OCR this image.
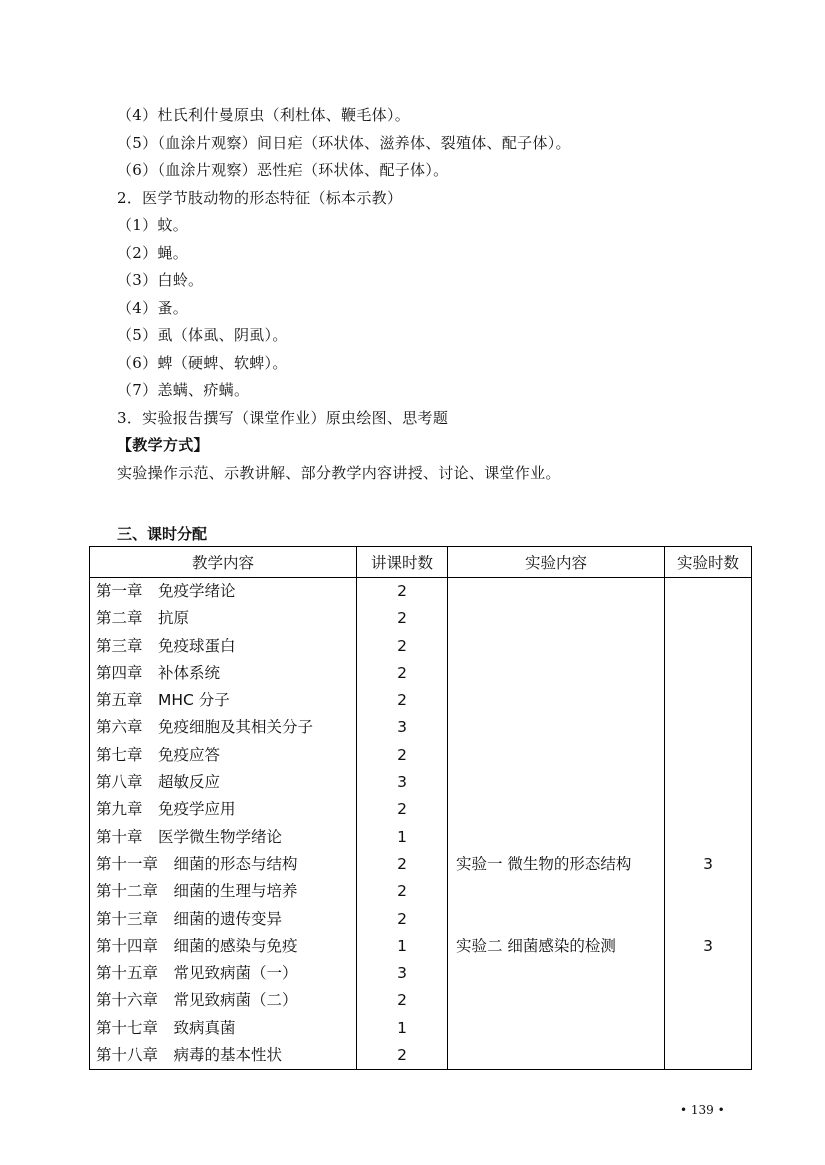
（4）杜氏利什曼原虫（利杜体、鞭毛体）。
（5）（血涂片观察）间日疟（环状体、滋养体、裂殖体、配子体）。
（6）（血涂片观察）恶性疟（环状体、配子体）。
2．医学节肢动物的形态特征（标本示教）
（1）蚊。
（2）蝇。
（3）白蛉。
（4）蚤。
（5）虱（体虱、阴虱）。
（6）蜱（硬蜱、软蜱）。
（7）恙螨、疥螨。
3．实验报告撰写（课堂作业）原虫绘图、思考题
【教学方式】
实验操作示范、示教讲解、部分教学内容讲授、讨论、课堂作业。
三、课时分配
教学内容	讲课时数	实验内容	实验时数
第一章　免疫学绪论	2		
第二章　抗原	2		
第三章　免疫球蛋白	2		
第四章　补体系统	2		
第五章　MHC 分子	2		
第六章　免疫细胞及其相关分子	3		
第七章　免疫应答	2		
第八章　超敏反应	3		
第九章　免疫学应用	2		
第十章　医学微生物学绪论	1		
第十一章　细菌的形态与结构	2	实验一 微生物的形态结构	3
第十二章　细菌的生理与培养	2		
第十三章　细菌的遗传变异	2		
第十四章　细菌的感染与免疫	1	实验二 细菌感染的检测	3
第十五章　常见致病菌（一）	3		
第十六章　常见致病菌（二）	2		
第十七章　致病真菌	1		
第十八章　病毒的基本性状	2		
• 139 •
